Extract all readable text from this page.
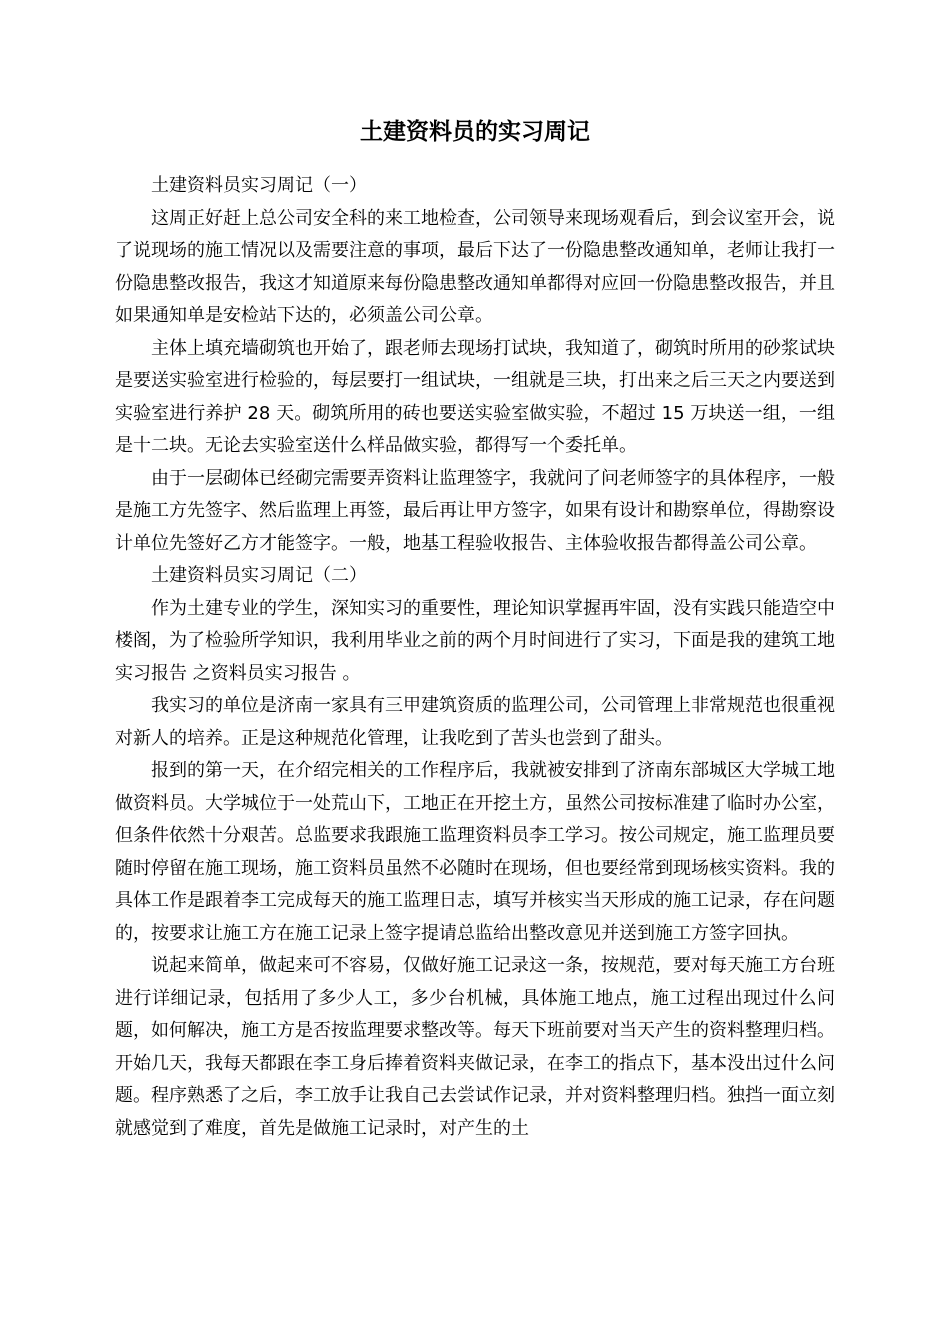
土建资料员的实习周记

土建资料员实习周记（一）

这周正好赶上总公司安全科的来工地检查，公司领导来现场观看后，到会议室开会，说了说现场的施工情况以及需要注意的事项，最后下达了一份隐患整改通知单，老师让我打一份隐患整改报告，我这才知道原来每份隐患整改通知单都得对应回一份隐患整改报告，并且如果通知单是安检站下达的，必须盖公司公章。

主体上填充墙砌筑也开始了，跟老师去现场打试块，我知道了，砌筑时所用的砂浆试块是要送实验室进行检验的，每层要打一组试块，一组就是三块，打出来之后三天之内要送到实验室进行养护 28 天。砌筑所用的砖也要送实验室做实验，不超过 15 万块送一组，一组是十二块。无论去实验室送什么样品做实验，都得写一个委托单。

由于一层砌体已经砌完需要弄资料让监理签字，我就问了问老师签字的具体程序，一般是施工方先签字、然后监理上再签，最后再让甲方签字，如果有设计和勘察单位，得勘察设计单位先签好乙方才能签字。一般，地基工程验收报告、主体验收报告都得盖公司公章。

土建资料员实习周记（二）

作为土建专业的学生，深知实习的重要性，理论知识掌握再牢固，没有实践只能造空中楼阁，为了检验所学知识，我利用毕业之前的两个月时间进行了实习，下面是我的建筑工地实习报告 之资料员实习报告 。

我实习的单位是济南一家具有三甲建筑资质的监理公司，公司管理上非常规范也很重视对新人的培养。正是这种规范化管理，让我吃到了苦头也尝到了甜头。

报到的第一天，在介绍完相关的工作程序后，我就被安排到了济南东部城区大学城工地做资料员。大学城位于一处荒山下，工地正在开挖土方，虽然公司按标准建了临时办公室，但条件依然十分艰苦。总监要求我跟施工监理资料员李工学习。按公司规定，施工监理员要随时停留在施工现场，施工资料员虽然不必随时在现场，但也要经常到现场核实资料。我的具体工作是跟着李工完成每天的施工监理日志，填写并核实当天形成的施工记录，存在问题的，按要求让施工方在施工记录上签字提请总监给出整改意见并送到施工方签字回执。

说起来简单，做起来可不容易，仅做好施工记录这一条，按规范，要对每天施工方台班进行详细记录，包括用了多少人工，多少台机械，具体施工地点，施工过程出现过什么问题，如何解决，施工方是否按监理要求整改等。每天下班前要对当天产生的资料整理归档。开始几天，我每天都跟在李工身后捧着资料夹做记录，在李工的指点下，基本没出过什么问题。程序熟悉了之后，李工放手让我自己去尝试作记录，并对资料整理归档。独挡一面立刻就感觉到了难度，首先是做施工记录时，对产生的土
